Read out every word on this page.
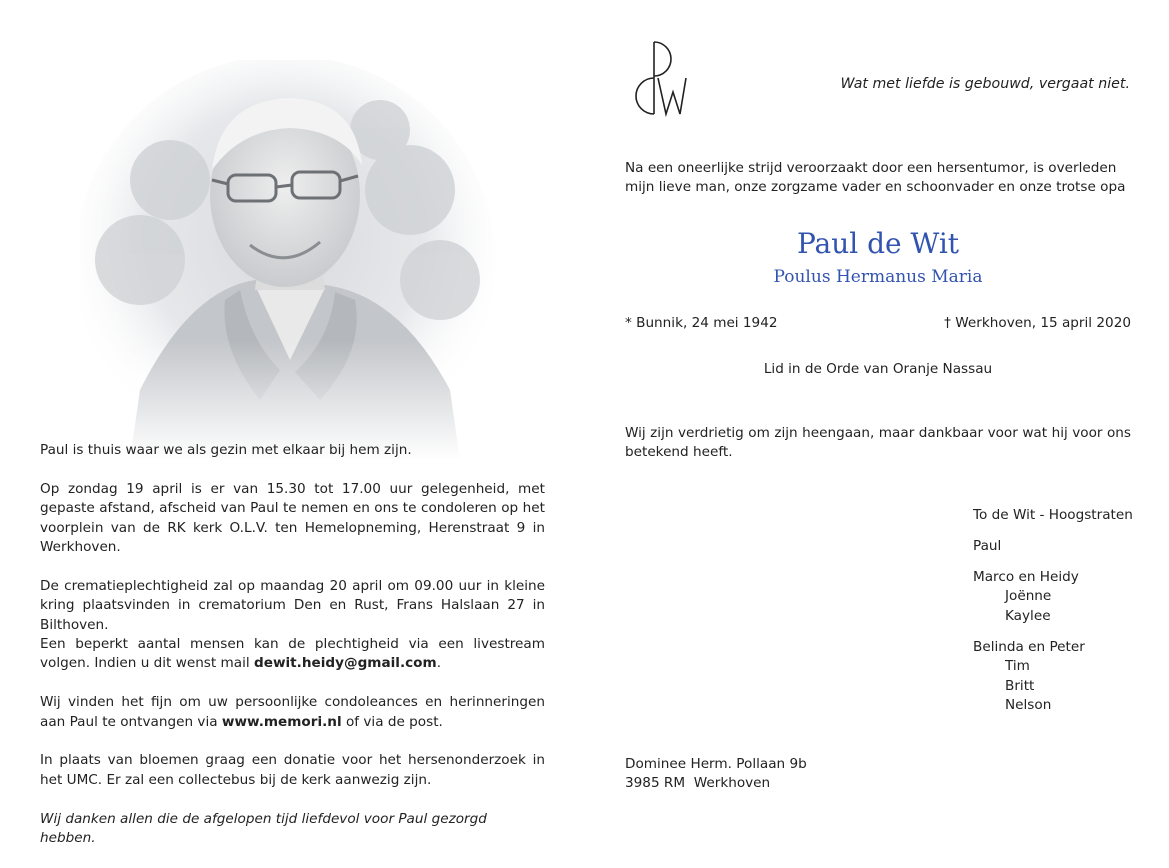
Paul is thuis waar we als gezin met elkaar bij hem zijn.

Op zondag 19 april is er van 15.30 tot 17.00 uur gelegenheid, met gepaste afstand, afscheid van Paul te nemen en ons te condoleren op het voorplein van de RK kerk O.L.V. ten Hemelopneming, Herenstraat 9 in Werkhoven.

De crematieplechtigheid zal op maandag 20 april om 09.00 uur in kleine kring plaatsvinden in crematorium Den en Rust, Frans Halslaan 27 in Bilthoven.
Een beperkt aantal mensen kan de plechtigheid via een livestream volgen. Indien u dit wenst mail dewit.heidy@gmail.com.

Wij vinden het fijn om uw persoonlijke condoleances en herinneringen aan Paul te ontvangen via www.memori.nl of via de post.

In plaats van bloemen graag een donatie voor het hersenonderzoek in het UMC. Er zal een collectebus bij de kerk aanwezig zijn.

Wij danken allen die de afgelopen tijd liefdevol voor Paul gezorgd hebben.

Wat met liefde is gebouwd, vergaat niet.
Na een oneerlijke strijd veroorzaakt door een hersentumor, is overleden mijn lieve man, onze zorgzame vader en schoonvader en onze trotse opa
Paul de Wit
Poulus Hermanus Maria
* Bunnik, 24 mei 1942	† Werkhoven, 15 april 2020
Lid in de Orde van Oranje Nassau
Wij zijn verdrietig om zijn heengaan, maar dankbaar voor wat hij voor ons betekend heeft.
To de Wit - Hoogstraten
Paul
Marco en Heidy
Joënne
Kaylee
Belinda en Peter
Tim
Britt
Nelson
Dominee Herm. Pollaan 9b
3985 RM  Werkhoven
